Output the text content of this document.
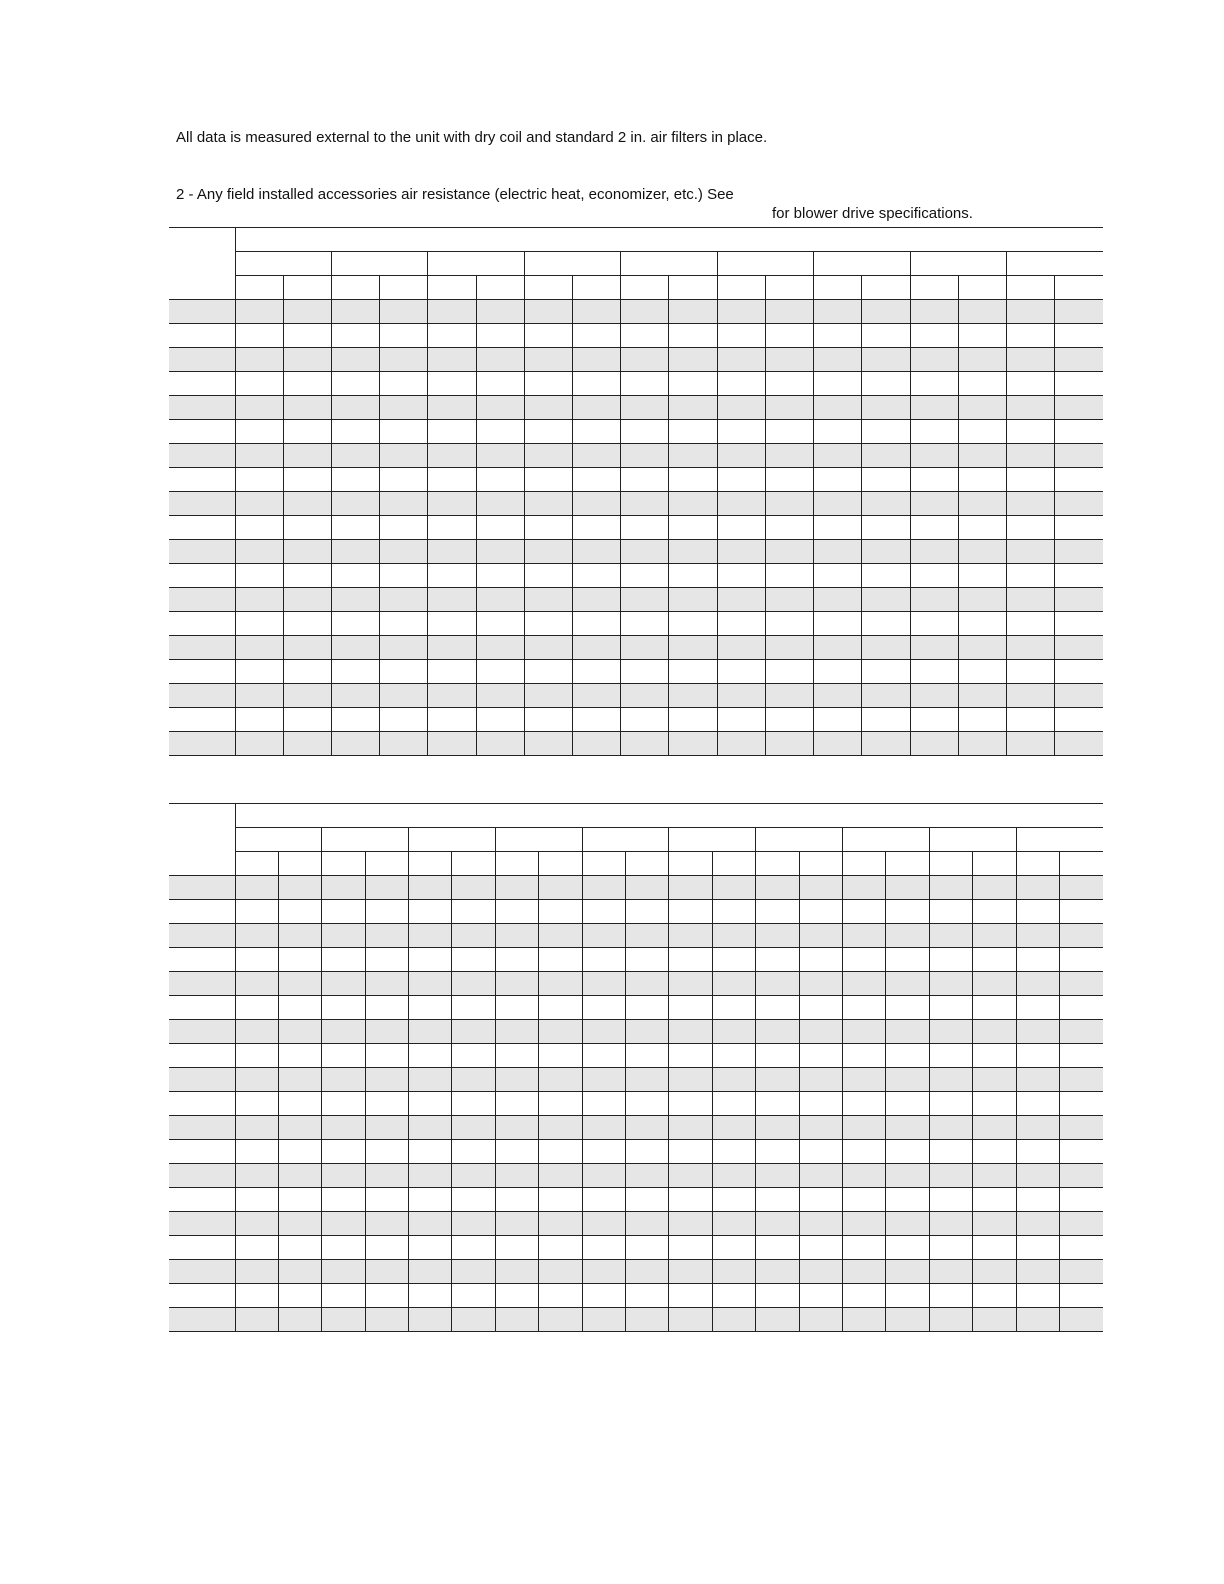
All data is measured external to the unit with dry coil and standard 2 in. air filters in place.
2 - Any field installed accessories air resistance (electric heat, economizer, etc.) See
for blower drive specifications.
